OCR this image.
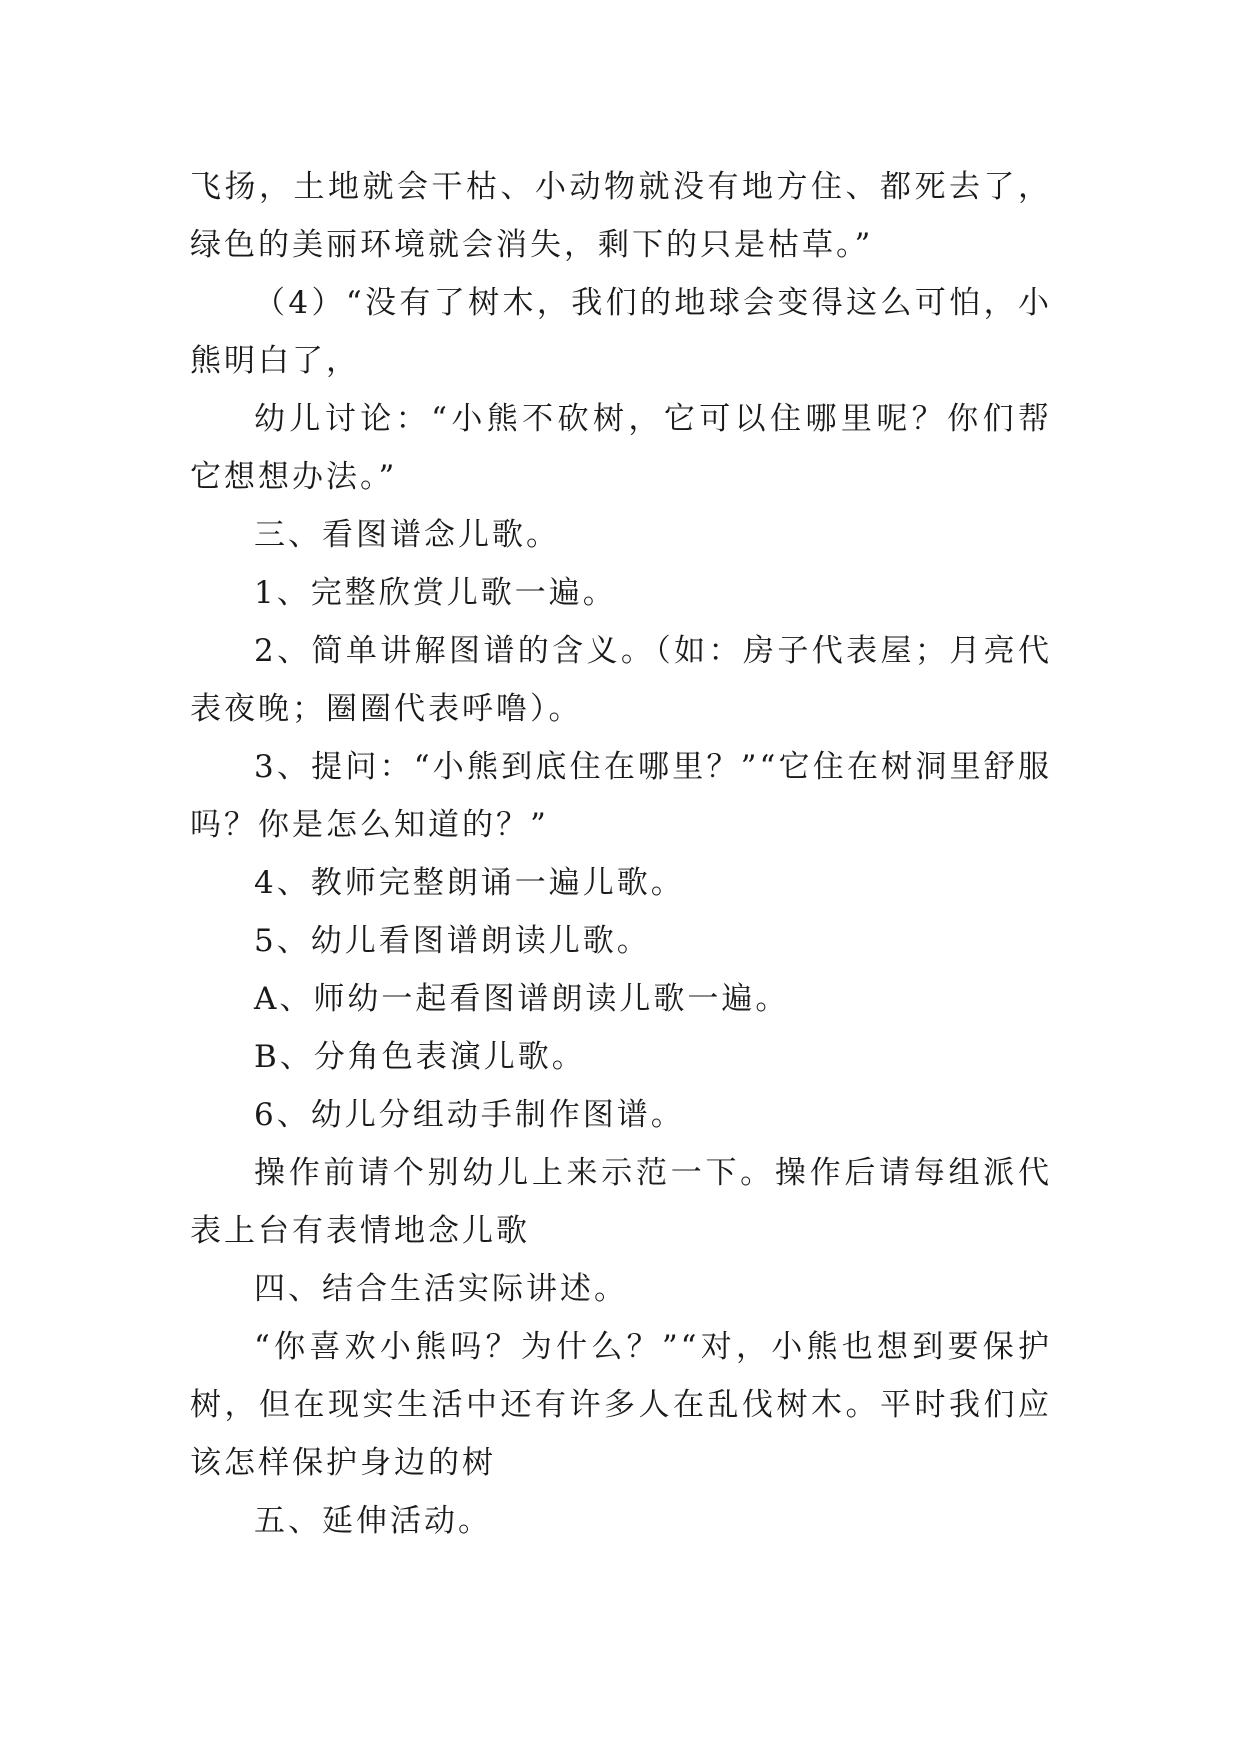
飞扬，土地就会干枯、小动物就没有地方住、都死去了，绿色的美丽环境就会消失，剩下的只是枯草。”

（4）“没有了树木，我们的地球会变得这么可怕，小熊明白了，

幼儿讨论：“小熊不砍树，它可以住哪里呢？你们帮它想想办法。”

三、看图谱念儿歌。

1、完整欣赏儿歌一遍。

2、简单讲解图谱的含义。（如：房子代表屋；月亮代表夜晚；圈圈代表呼噜）。

3、提问：“小熊到底住在哪里？”“它住在树洞里舒服吗？你是怎么知道的？”

4、教师完整朗诵一遍儿歌。

5、幼儿看图谱朗读儿歌。

A、师幼一起看图谱朗读儿歌一遍。

B、分角色表演儿歌。

6、幼儿分组动手制作图谱。

操作前请个别幼儿上来示范一下。操作后请每组派代表上台有表情地念儿歌

四、结合生活实际讲述。

“你喜欢小熊吗？为什么？”“对，小熊也想到要保护树，但在现实生活中还有许多人在乱伐树木。平时我们应该怎样保护身边的树

五、延伸活动。
